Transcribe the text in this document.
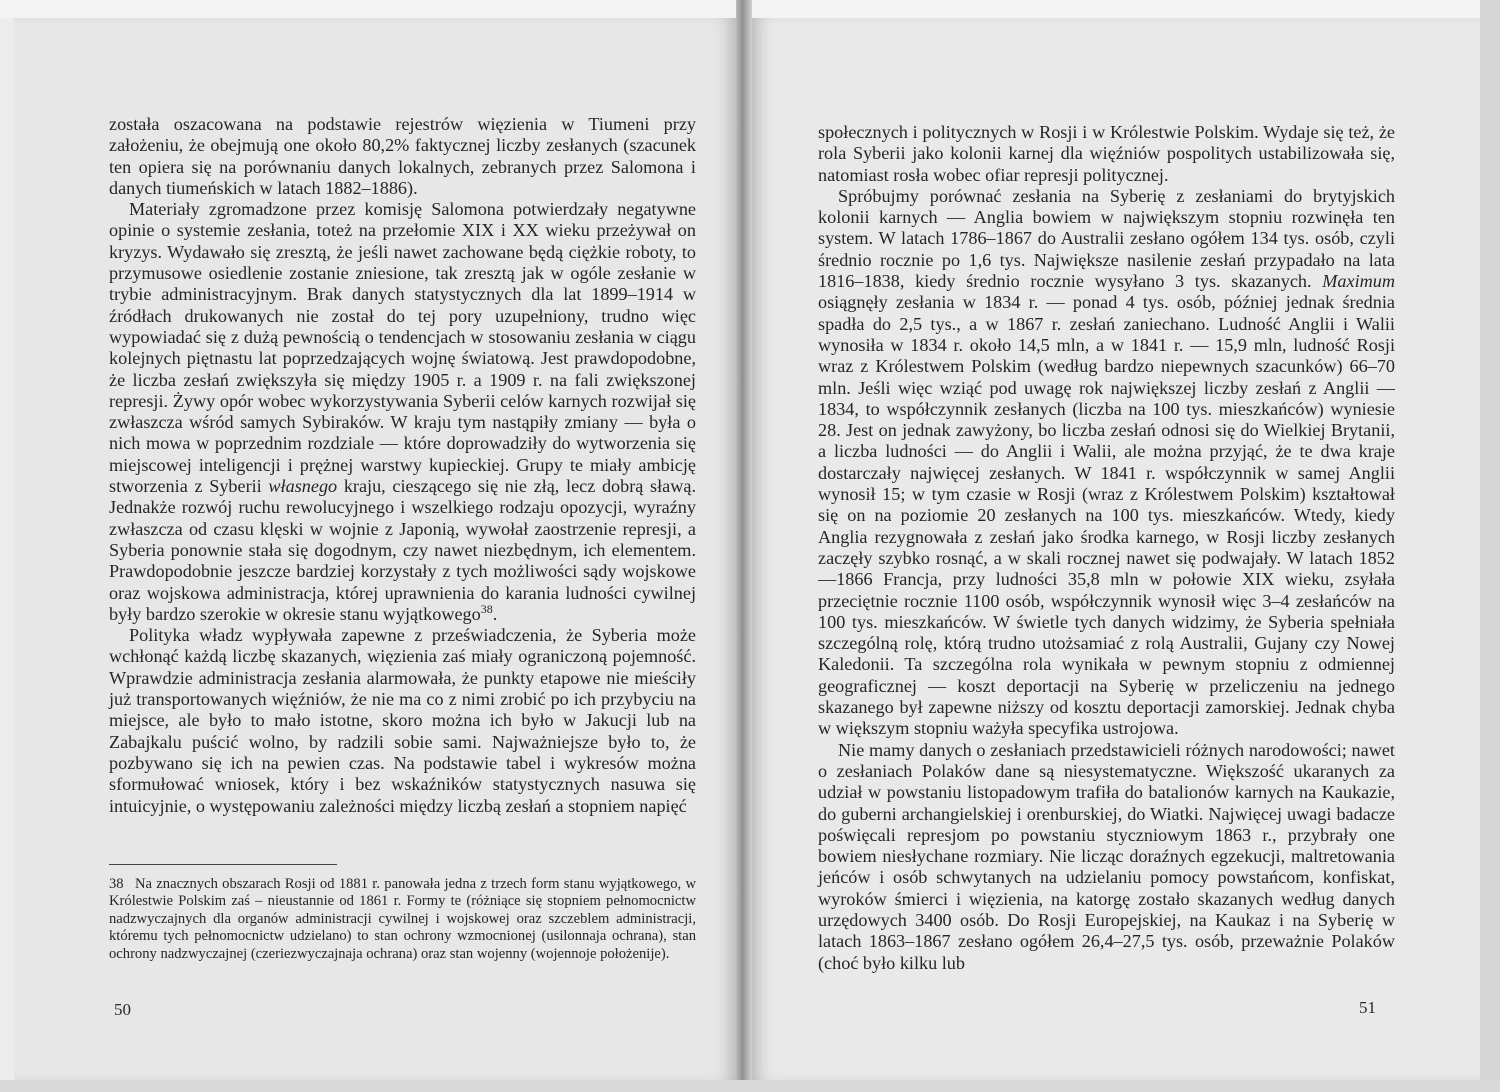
została oszacowana na podstawie rejestrów więzienia w Tiumeni przy założeniu, że obejmują one około 80,2% faktycznej liczby zesłanych (szacunek ten opiera się na porównaniu danych lokalnych, zebranych przez Salomona i danych tiumeńskich w latach 1882–1886).

Materiały zgromadzone przez komisję Salomona potwierdzały negatywne opinie o systemie zesłania, toteż na przełomie XIX i XX wieku przeżywał on kryzys. Wydawało się zresztą, że jeśli nawet zachowane będą ciężkie roboty, to przymusowe osiedlenie zostanie zniesione, tak zresztą jak w ogóle zesłanie w trybie administracyjnym. Brak danych statystycznych dla lat 1899–1914 w źródłach drukowanych nie został do tej pory uzupełniony, trudno więc wypowiadać się z dużą pewnością o tendencjach w stosowaniu zesłania w ciągu kolejnych piętnastu lat poprzedzających wojnę światową. Jest prawdopodobne, że liczba zesłań zwiększyła się między 1905 r. a 1909 r. na fali zwiększonej represji. Żywy opór wobec wykorzystywania Syberii celów karnych rozwijał się zwłaszcza wśród samych Sybiraków. W kraju tym nastąpiły zmiany — była o nich mowa w poprzednim rozdziale — które doprowadziły do wytworzenia się miejscowej inteligencji i prężnej warstwy kupieckiej. Grupy te miały ambicję stworzenia z Syberii własnego kraju, cieszącego się nie złą, lecz dobrą sławą. Jednakże rozwój ruchu rewolucyjnego i wszelkiego rodzaju opozycji, wyraźny zwłaszcza od czasu klęski w wojnie z Japonią, wywołał zaostrzenie represji, a Syberia ponownie stała się dogodnym, czy nawet niezbędnym, ich elementem. Prawdopodobnie jeszcze bardziej korzystały z tych możliwości sądy wojskowe oraz wojskowa administracja, której uprawnienia do karania ludności cywilnej były bardzo szerokie w okresie stanu wyjątkowego$^{38}$.

Polityka władz wypływała zapewne z przeświadczenia, że Syberia może wchłonąć każdą liczbę skazanych, więzienia zaś miały ograniczoną pojemność. Wprawdzie administracja zesłania alarmowała, że punkty etapowe nie mieściły już transportowanych więźniów, że nie ma co z nimi zrobić po ich przybyciu na miejsce, ale było to mało istotne, skoro można ich było w Jakucji lub na Zabajkalu puścić wolno, by radzili sobie sami. Najważniejsze było to, że pozbywano się ich na pewien czas. Na podstawie tabel i wykresów można sformułować wniosek, który i bez wskaźników statystycznych nasuwa się intuicyjnie, o występowaniu zależności między liczbą zesłań a stopniem napięć

38 Na znacznych obszarach Rosji od 1881 r. panowała jedna z trzech form stanu wyjątkowego, w Królestwie Polskim zaś – nieustannie od 1861 r. Formy te (różniące się stopniem pełnomocnictw nadzwyczajnych dla organów administracji cywilnej i wojskowej oraz szczeblem administracji, któremu tych pełnomocnictw udzielano) to stan ochrony wzmocnionej (usilonnaja ochrana), stan ochrony nadzwyczajnej (czeriezwyczajnaja ochrana) oraz stan wojenny (wojennoje położenije).
50

społecznych i politycznych w Rosji i w Królestwie Polskim. Wydaje się też, że rola Syberii jako kolonii karnej dla więźniów pospolitych ustabilizowała się, natomiast rosła wobec ofiar represji politycznej.

Spróbujmy porównać zesłania na Syberię z zesłaniami do brytyjskich kolonii karnych — Anglia bowiem w największym stopniu rozwinęła ten system. W latach 1786–1867 do Australii zesłano ogółem 134 tys. osób, czyli średnio rocznie po 1,6 tys. Największe nasilenie zesłań przypadało na lata 1816–1838, kiedy średnio rocznie wysyłano 3 tys. skazanych. Maximum osiągnęły zesłania w 1834 r. — ponad 4 tys. osób, później jednak średnia spadła do 2,5 tys., a w 1867 r. zesłań zaniechano. Ludność Anglii i Walii wynosiła w 1834 r. około 14,5 mln, a w 1841 r. — 15,9 mln, ludność Rosji wraz z Królestwem Polskim (według bardzo niepewnych szacunków) 66–70 mln. Jeśli więc wziąć pod uwagę rok największej liczby zesłań z Anglii — 1834, to współczynnik zesłanych (liczba na 100 tys. mieszkańców) wyniesie 28. Jest on jednak zawyżony, bo liczba zesłań odnosi się do Wielkiej Brytanii, a liczba ludności — do Anglii i Walii, ale można przyjąć, że te dwa kraje dostarczały najwięcej zesłanych. W 1841 r. współczynnik w samej Anglii wynosił 15; w tym czasie w Rosji (wraz z Królestwem Polskim) kształtował się on na poziomie 20 zesłanych na 100 tys. mieszkańców. Wtedy, kiedy Anglia rezygnowała z zesłań jako środka karnego, w Rosji liczby zesłanych zaczęły szybko rosnąć, a w skali rocznej nawet się podwajały. W latach 1852—1866 Francja, przy ludności 35,8 mln w połowie XIX wieku, zsyłała przeciętnie rocznie 1100 osób, współczynnik wynosił więc 3–4 zesłańców na 100 tys. mieszkańców. W świetle tych danych widzimy, że Syberia spełniała szczególną rolę, którą trudno utożsamiać z rolą Australii, Gujany czy Nowej Kaledonii. Ta szczególna rola wynikała w pewnym stopniu z odmiennej geograficznej — koszt deportacji na Syberię w przeliczeniu na jednego skazanego był zapewne niższy od kosztu deportacji zamorskiej. Jednak chyba w większym stopniu ważyła specyfika ustrojowa.

Nie mamy danych o zesłaniach przedstawicieli różnych narodowości; nawet o zesłaniach Polaków dane są niesystematyczne. Większość ukaranych za udział w powstaniu listopadowym trafiła do batalionów karnych na Kaukazie, do guberni archangielskiej i orenburskiej, do Wiatki. Najwięcej uwagi badacze poświęcali represjom po powstaniu styczniowym 1863 r., przybrały one bowiem niesłychane rozmiary. Nie licząc doraźnych egzekucji, maltretowania jeńców i osób schwytanych na udzielaniu pomocy powstańcom, konfiskat, wyroków śmierci i więzienia, na katorgę zostało skazanych według danych urzędowych 3400 osób. Do Rosji Europejskiej, na Kaukaz i na Syberię w latach 1863–1867 zesłano ogółem 26,4–27,5 tys. osób, przeważnie Polaków (choć było kilku lub

51
